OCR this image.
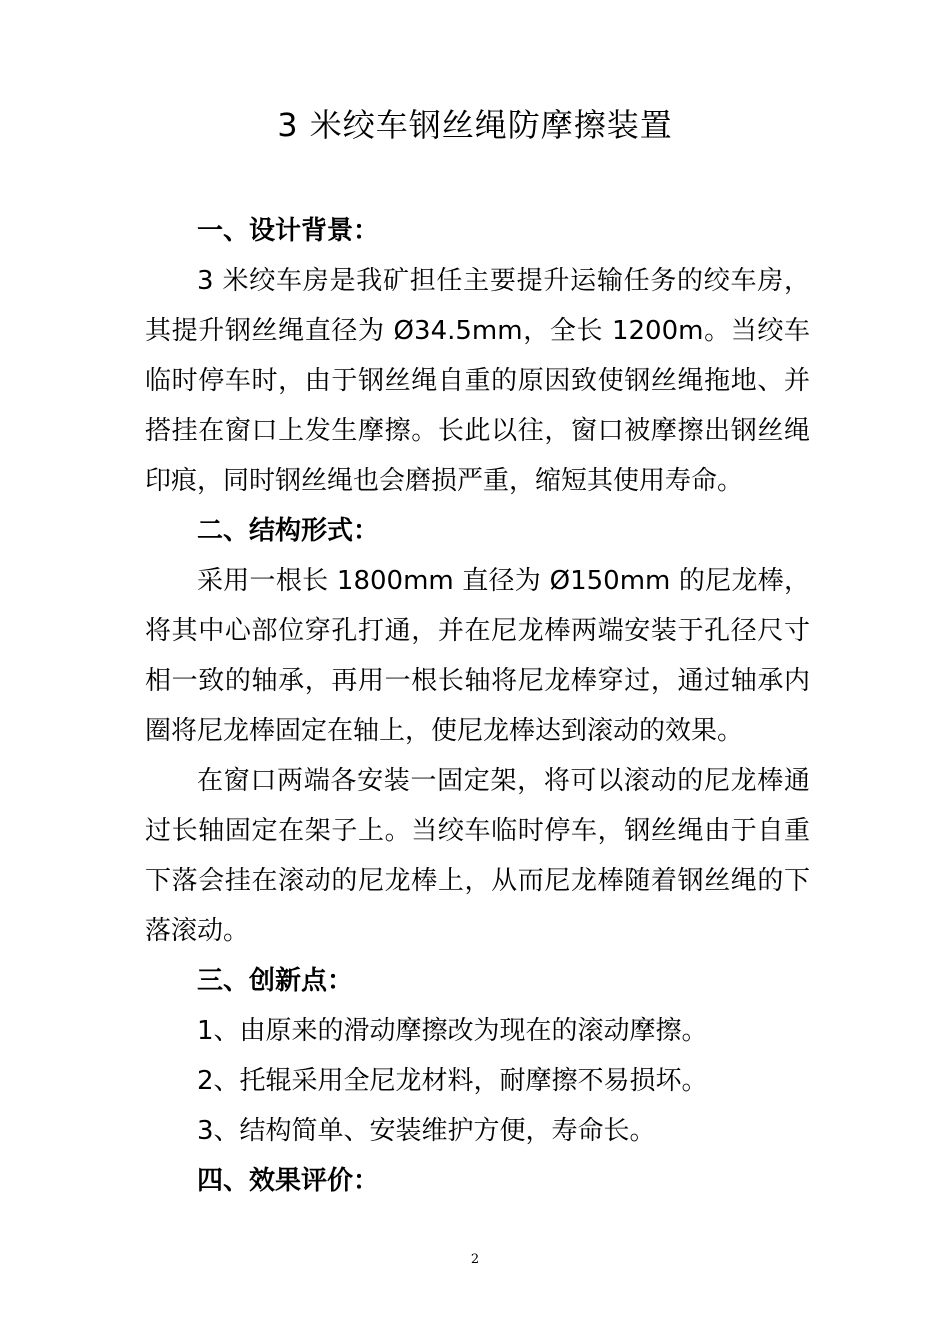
3 米绞车钢丝绳防摩擦装置

一、设计背景：

3 米绞车房是我矿担任主要提升运输任务的绞车房，其提升钢丝绳直径为 Ø34.5mm，全长 1200m。当绞车临时停车时，由于钢丝绳自重的原因致使钢丝绳拖地、并搭挂在窗口上发生摩擦。长此以往，窗口被摩擦出钢丝绳印痕，同时钢丝绳也会磨损严重，缩短其使用寿命。

二、结构形式：

采用一根长 1800mm 直径为 Ø150mm 的尼龙棒，将其中心部位穿孔打通，并在尼龙棒两端安装于孔径尺寸相一致的轴承，再用一根长轴将尼龙棒穿过，通过轴承内圈将尼龙棒固定在轴上，使尼龙棒达到滚动的效果。

在窗口两端各安装一固定架，将可以滚动的尼龙棒通过长轴固定在架子上。当绞车临时停车，钢丝绳由于自重下落会挂在滚动的尼龙棒上，从而尼龙棒随着钢丝绳的下落滚动。

三、创新点：

1、由原来的滑动摩擦改为现在的滚动摩擦。

2、托辊采用全尼龙材料，耐摩擦不易损坏。

3、结构简单、安装维护方便，寿命长。

四、效果评价：

2
